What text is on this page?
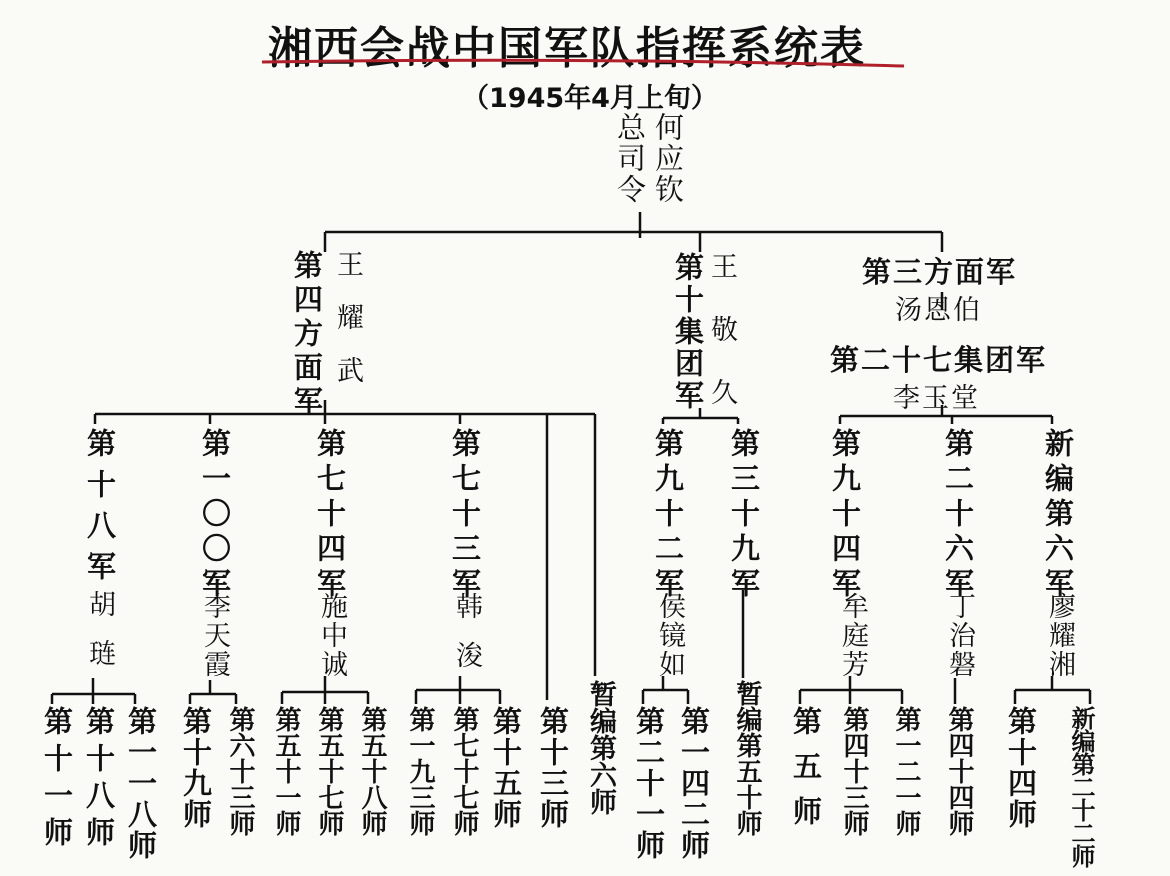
湘西会战中国军队指挥系统表
（1945年4月上旬）
总司令 何应钦
第四方面军 王耀武	第十集团军 王敬久	第三方面军
汤恩伯
第二十七集团军
李玉堂
第十八军
胡琏
第一〇〇军
李天霞
第七十四军
施中诚
第七十三军
韩浚
第九十二军
侯镜如
第三十九军 第九十四军
牟庭芳
第二十六军
丁治磐
新编第六军
廖耀湘
第十一师 第十八师 第一一八师 第十九师 第六十三师 第五十一师 第五十七师 第五十八师 第一九三师 第七十七师 第十五师 第十三师 暂编第六师 第二十一师 第一四二师 暂编第五十师 第五师 第四十三师 第一二一师 第四十四师 第十四师 新编第二十二师
